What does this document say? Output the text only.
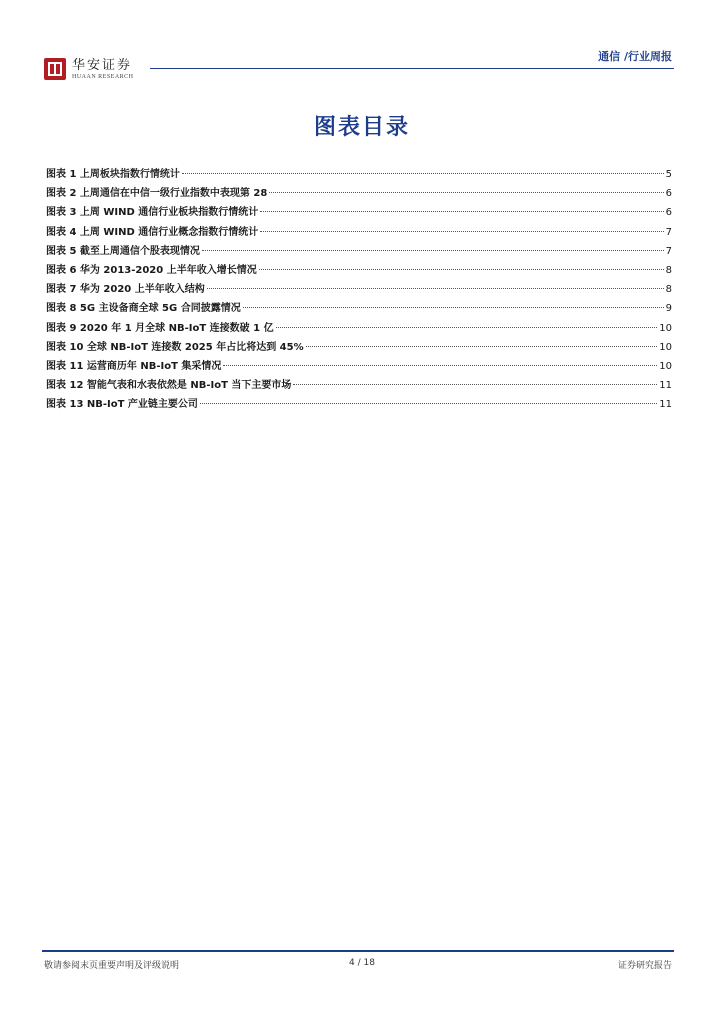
华安证券
HUAAN RESEARCH
通信 /行业周报
图表目录
图表 1 上周板块指数行情统计	5
图表 2 上周通信在中信一级行业指数中表现第 28	6
图表 3 上周 WIND 通信行业板块指数行情统计	6
图表 4 上周 WIND 通信行业概念指数行情统计	7
图表 5 截至上周通信个股表现情况	7
图表 6 华为 2013-2020 上半年收入增长情况	8
图表 7 华为 2020 上半年收入结构	8
图表 8 5G 主设备商全球 5G 合同披露情况	9
图表 9 2020 年 1 月全球 NB-IoT 连接数破 1 亿	10
图表 10 全球 NB-IoT 连接数 2025 年占比将达到 45%	10
图表 11 运营商历年 NB-IoT 集采情况	10
图表 12 智能气表和水表依然是 NB-IoT 当下主要市场	11
图表 13 NB-IoT 产业链主要公司	11
敬请参阅末页重要声明及评级说明	4 / 18	证券研究报告
